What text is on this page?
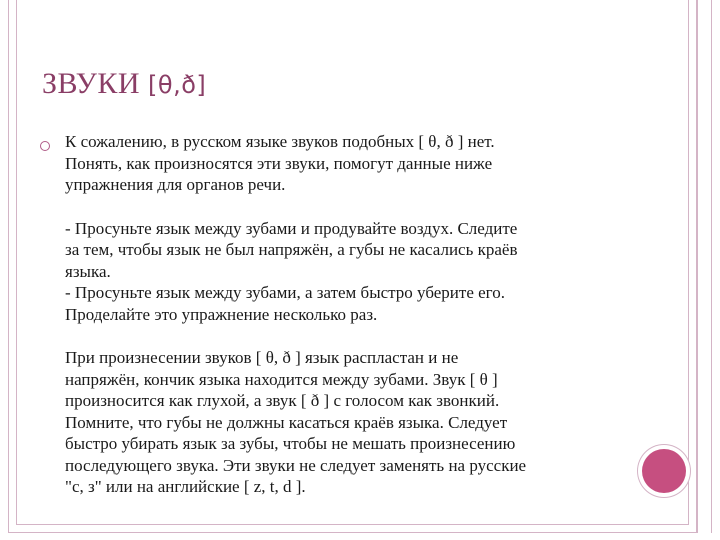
ЗВУКИ [θ,ð]

К сожалению, в русском языке звуков подобных [ θ, ð ] нет.

Понять, как произносятся эти звуки, помогут данные ниже

упражнения для органов речи.

- Просуньте язык между зубами и продувайте воздух. Следите

за тем, чтобы язык не был напряжён, а губы не касались краёв

языка.

- Просуньте язык между зубами, а затем быстро уберите его.

Проделайте это упражнение несколько раз.

При произнесении звуков [ θ, ð ] язык распластан и не

напряжён, кончик языка находится между зубами. Звук [ θ ]

произносится как глухой, а звук [ ð ] с голосом как звонкий.

Помните, что губы не должны касаться краёв языка. Следует

быстро убирать язык за зубы, чтобы не мешать произнесению

последующего звука. Эти звуки не следует заменять на русские

"с, з" или на английские [ z, t, d ].
